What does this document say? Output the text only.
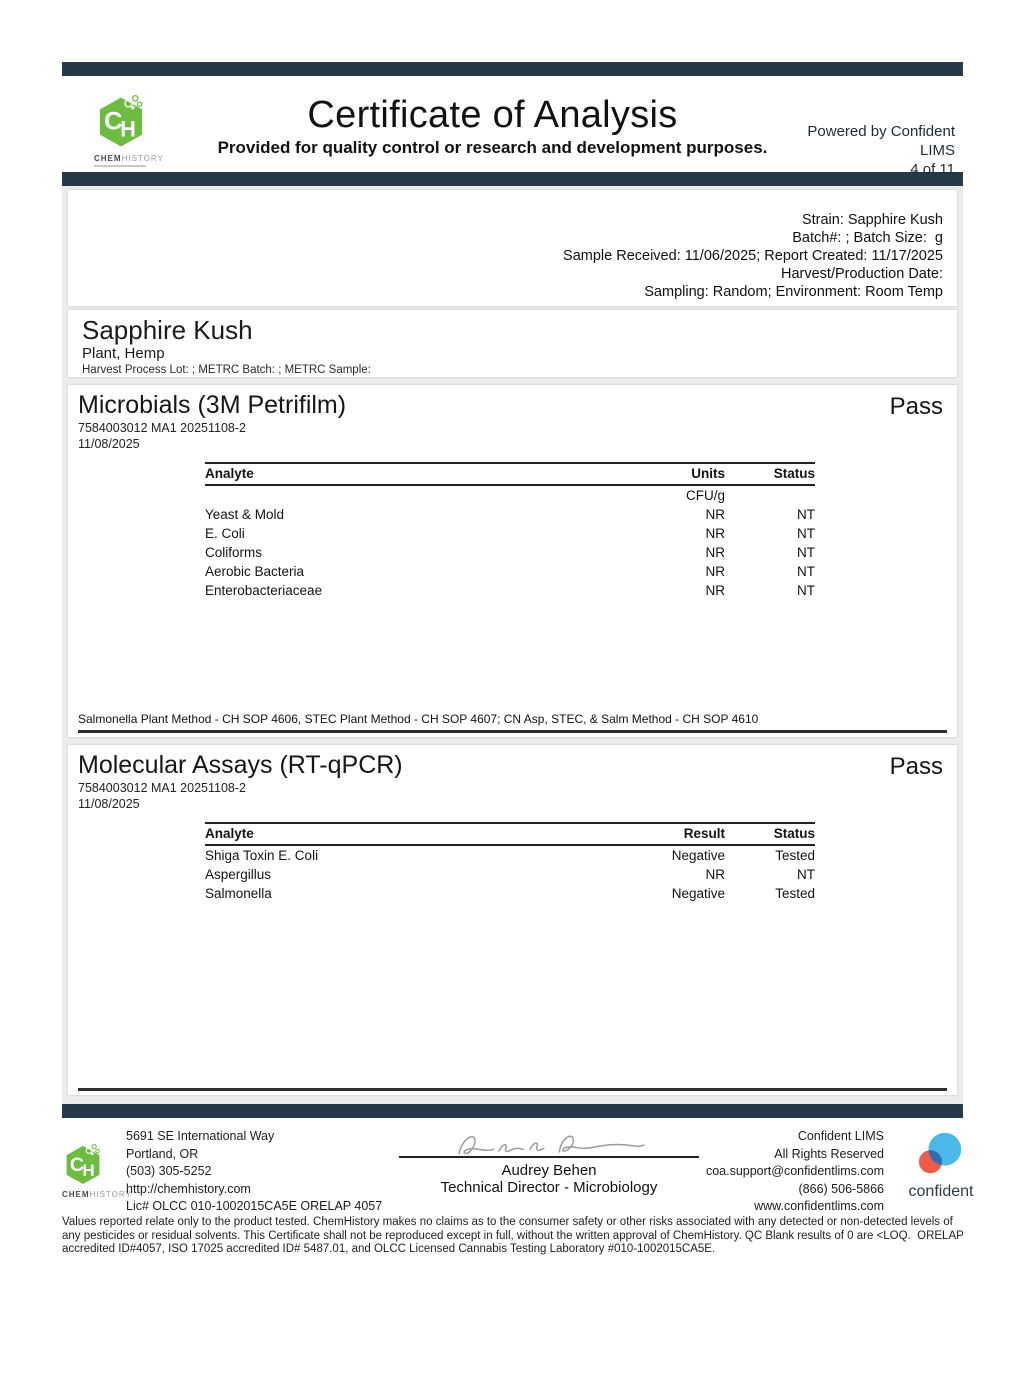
C
H
CHEMHISTORY
Certificate of Analysis
Provided for quality control or research and development purposes.
Powered by Confident LIMS
4 of 11
Strain: Sapphire Kush
Batch#: ; Batch Size:  g
Sample Received: 11/06/2025; Report Created: 11/17/2025
Harvest/Production Date:
Sampling: Random; Environment: Room Temp
Sapphire Kush
Plant, Hemp
Harvest Process Lot: ; METRC Batch: ; METRC Sample:
Microbials (3M Petrifilm)
7584003012 MA1 20251108-2
11/08/2025
Pass
Analyte	Units	Status
	CFU/g	
Yeast & Mold	NR	NT
E. Coli	NR	NT
Coliforms	NR	NT
Aerobic Bacteria	NR	NT
Enterobacteriaceae	NR	NT
Salmonella Plant Method - CH SOP 4606, STEC Plant Method - CH SOP 4607; CN Asp, STEC, & Salm Method - CH SOP 4610
Molecular Assays (RT-qPCR)
7584003012 MA1 20251108-2
11/08/2025
Pass
Analyte	Result	Status
Shiga Toxin E. Coli	Negative	Tested
Aspergillus	NR	NT
Salmonella	Negative	Tested
C
H
CHEMHISTORY
5691 SE International Way
Portland, OR
(503) 305-5252
http://chemhistory.com
Lic# OLCC 010-1002015CA5E ORELAP 4057
Audrey Behen
Technical Director - Microbiology
Confident LIMS
All Rights Reserved
coa.support@confidentlims.com
(866) 506-5866
www.confidentlims.com
confident

Values reported relate only to the product tested. ChemHistory makes no claims as to the consumer safety or other risks associated with any detected or non-detected levels of any pesticides or residual solvents. This Certificate shall not be reproduced except in full, without the written approval of ChemHistory. QC Blank results of 0 are <LOQ.  ORELAP accredited ID#4057, ISO 17025 accredited ID# 5487.01, and OLCC Licensed Cannabis Testing Laboratory #010-1002015CA5E.
